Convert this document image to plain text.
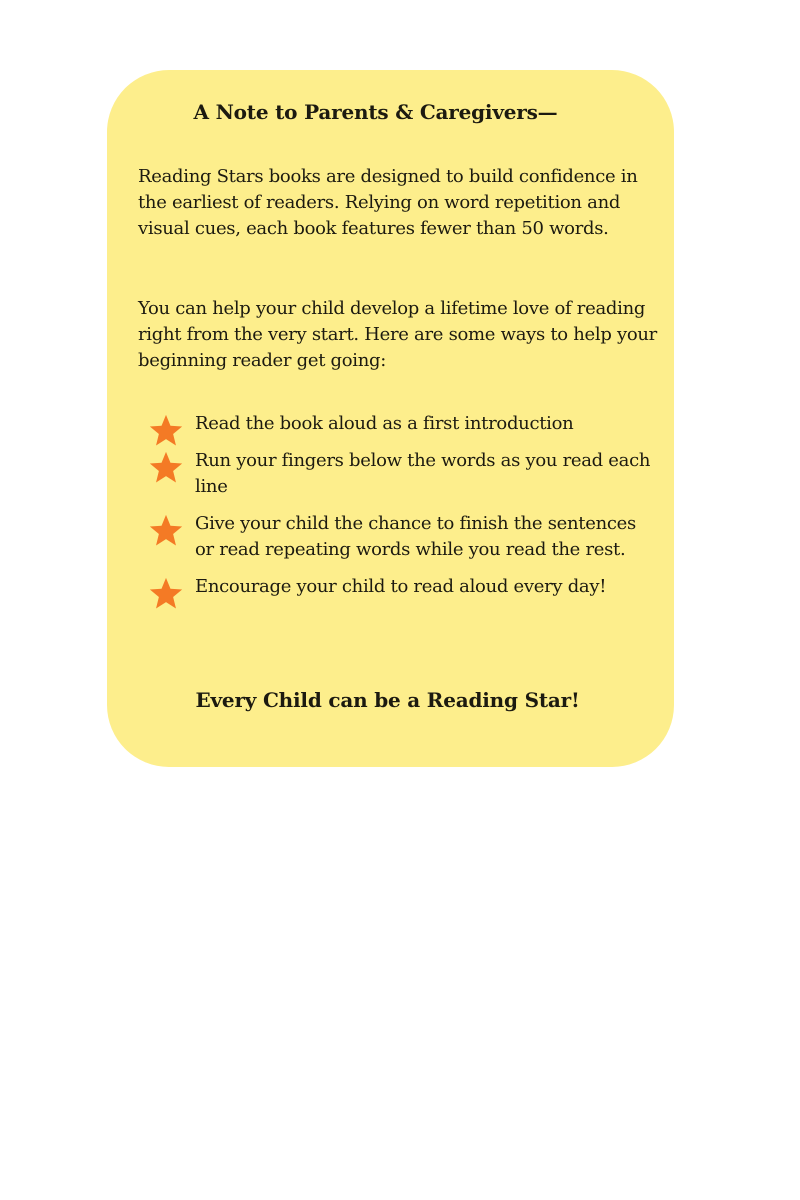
A Note to Parents & Caregivers—

Reading Stars books are designed to build confidence in the earliest of readers. Relying on word repetition and visual cues, each book features fewer than 50 words.

You can help your child develop a lifetime love of reading right from the very start. Here are some ways to help your beginning reader get going:

Read the book aloud as a first introduction
Run your fingers below the words as you read each line
Give your child the chance to finish the sentences or read repeating words while you read the rest.
Encourage your child to read aloud every day!

Every Child can be a Reading Star!
